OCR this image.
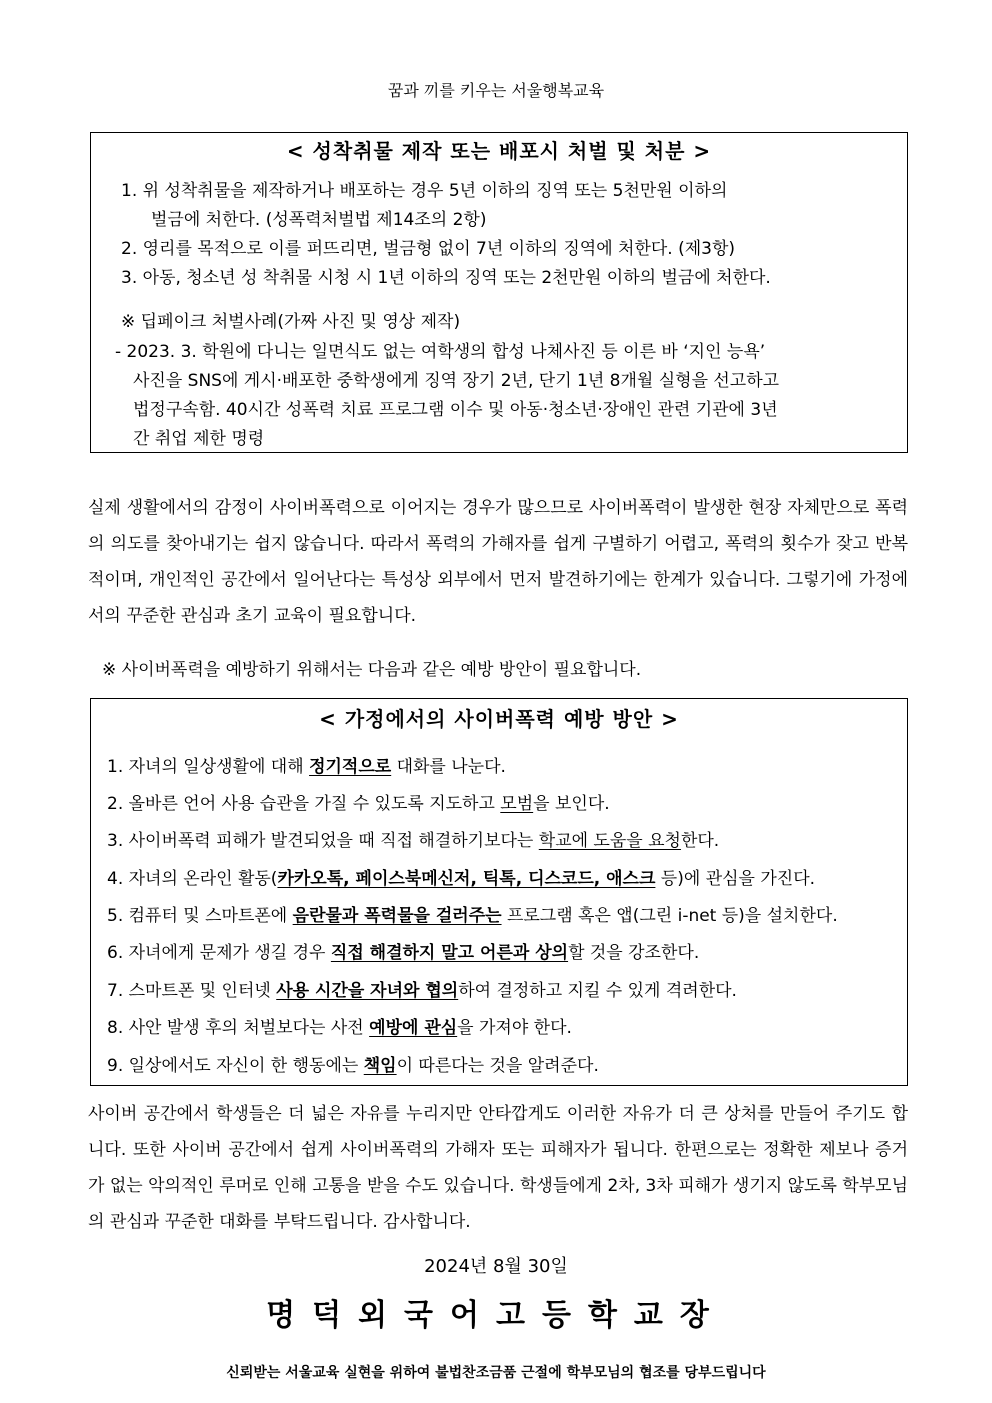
꿈과 끼를 키우는 서울행복교육
< 성착취물 제작 또는 배포시 처벌 및 처분 >
1. 위 성착취물을 제작하거나 배포하는 경우 5년 이하의 징역 또는 5천만원 이하의
벌금에 처한다. (성폭력처벌법 제14조의 2항)
2. 영리를 목적으로 이를 퍼뜨리면, 벌금형 없이 7년 이하의 징역에 처한다. (제3항)
3. 아동, 청소년 성 착취물 시청 시 1년 이하의 징역 또는 2천만원 이하의 벌금에 처한다.
※ 딥페이크 처벌사례(가짜 사진 및 영상 제작)
- 2023. 3. 학원에 다니는 일면식도 없는 여학생의 합성 나체사진 등 이른 바 ‘지인 능욕’
사진을 SNS에 게시·배포한 중학생에게 징역 장기 2년, 단기 1년 8개월 실형을 선고하고
법정구속함. 40시간 성폭력 치료 프로그램 이수 및 아동·청소년·장애인 관련 기관에 3년
간 취업 제한 명령
실제 생활에서의 감정이 사이버폭력으로 이어지는 경우가 많으므로 사이버폭력이 발생한 현장 자체만으로 폭력의 의도를 찾아내기는 쉽지 않습니다. 따라서 폭력의 가해자를 쉽게 구별하기 어렵고, 폭력의 횟수가 잦고 반복적이며, 개인적인 공간에서 일어난다는 특성상 외부에서 먼저 발견하기에는 한계가 있습니다. 그렇기에 가정에서의 꾸준한 관심과 초기 교육이 필요합니다.
※ 사이버폭력을 예방하기 위해서는 다음과 같은 예방 방안이 필요합니다.
< 가정에서의 사이버폭력 예방 방안 >
1. 자녀의 일상생활에 대해 정기적으로 대화를 나눈다.
2. 올바른 언어 사용 습관을 가질 수 있도록 지도하고 모범을 보인다.
3. 사이버폭력 피해가 발견되었을 때 직접 해결하기보다는 학교에 도움을 요청한다.
4. 자녀의 온라인 활동(카카오톡, 페이스북메신저, 틱톡, 디스코드, 애스크 등)에 관심을 가진다.
5. 컴퓨터 및 스마트폰에 음란물과 폭력물을 걸러주는 프로그램 혹은 앱(그린 i-net 등)을 설치한다.
6. 자녀에게 문제가 생길 경우 직접 해결하지 말고 어른과 상의할 것을 강조한다.
7. 스마트폰 및 인터넷 사용 시간을 자녀와 협의하여 결정하고 지킬 수 있게 격려한다.
8. 사안 발생 후의 처벌보다는 사전 예방에 관심을 가져야 한다.
9. 일상에서도 자신이 한 행동에는 책임이 따른다는 것을 알려준다.
사이버 공간에서 학생들은 더 넓은 자유를 누리지만 안타깝게도 이러한 자유가 더 큰 상처를 만들어 주기도 합니다. 또한 사이버 공간에서 쉽게 사이버폭력의 가해자 또는 피해자가 됩니다. 한편으로는 정확한 제보나 증거가 없는 악의적인 루머로 인해 고통을 받을 수도 있습니다. 학생들에게 2차, 3차 피해가 생기지 않도록 학부모님의 관심과 꾸준한 대화를 부탁드립니다. 감사합니다.
2024년 8월 30일
명덕외국어고등학교장
신뢰받는 서울교육 실현을 위하여 불법찬조금품 근절에 학부모님의 협조를 당부드립니다
